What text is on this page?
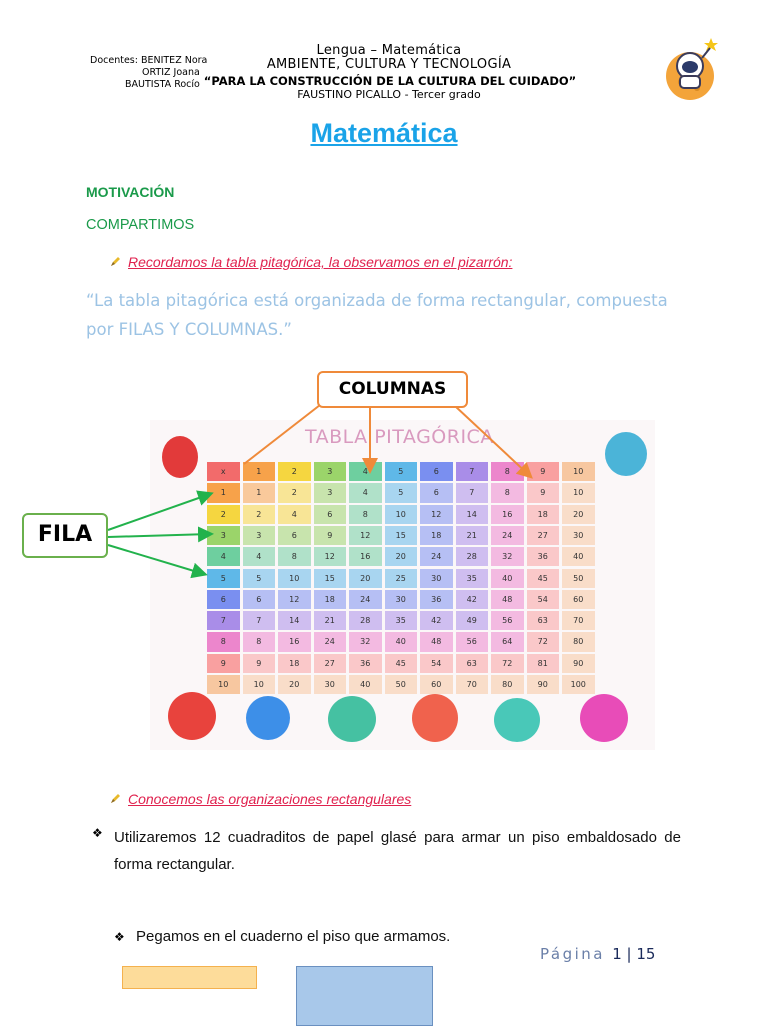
Lengua – Matemática
AMBIENTE, CULTURA Y TECNOLOGÍA
Docentes: BENITEZ Nora
ORTIZ Joana
BAUTISTA Rocío “PARA LA CONSTRUCCIÓN DE LA CULTURA DEL CUIDADO”
FAUSTINO PICALLO - Tercer grado
Matemática
MOTIVACIÓN
COMPARTIMOS
Recordamos la tabla pitagórica, la observamos en el pizarrón:
“La tabla pitagórica está organizada de forma rectangular, compuesta por FILAS Y COLUMNAS.”
TABLA PITAGÓRICA
x	1	2	3	4	5	6	7	8	9	10
1	1	2	3	4	5	6	7	8	9	10
2	2	4	6	8	10	12	14	16	18	20
3	3	6	9	12	15	18	21	24	27	30
4	4	8	12	16	20	24	28	32	36	40
5	5	10	15	20	25	30	35	40	45	50
6	6	12	18	24	30	36	42	48	54	60
7	7	14	21	28	35	42	49	56	63	70
8	8	16	24	32	40	48	56	64	72	80
9	9	18	27	36	45	54	63	72	81	90
10	10	20	30	40	50	60	70	80	90	100
COLUMNAS
FILA
Conocemos las organizaciones rectangulares
❖ Utilizaremos 12 cuadraditos de papel glasé para armar un piso embaldosado de forma rectangular.
❖ Pegamos en el cuaderno el piso que armamos.
Página 1 | 15
